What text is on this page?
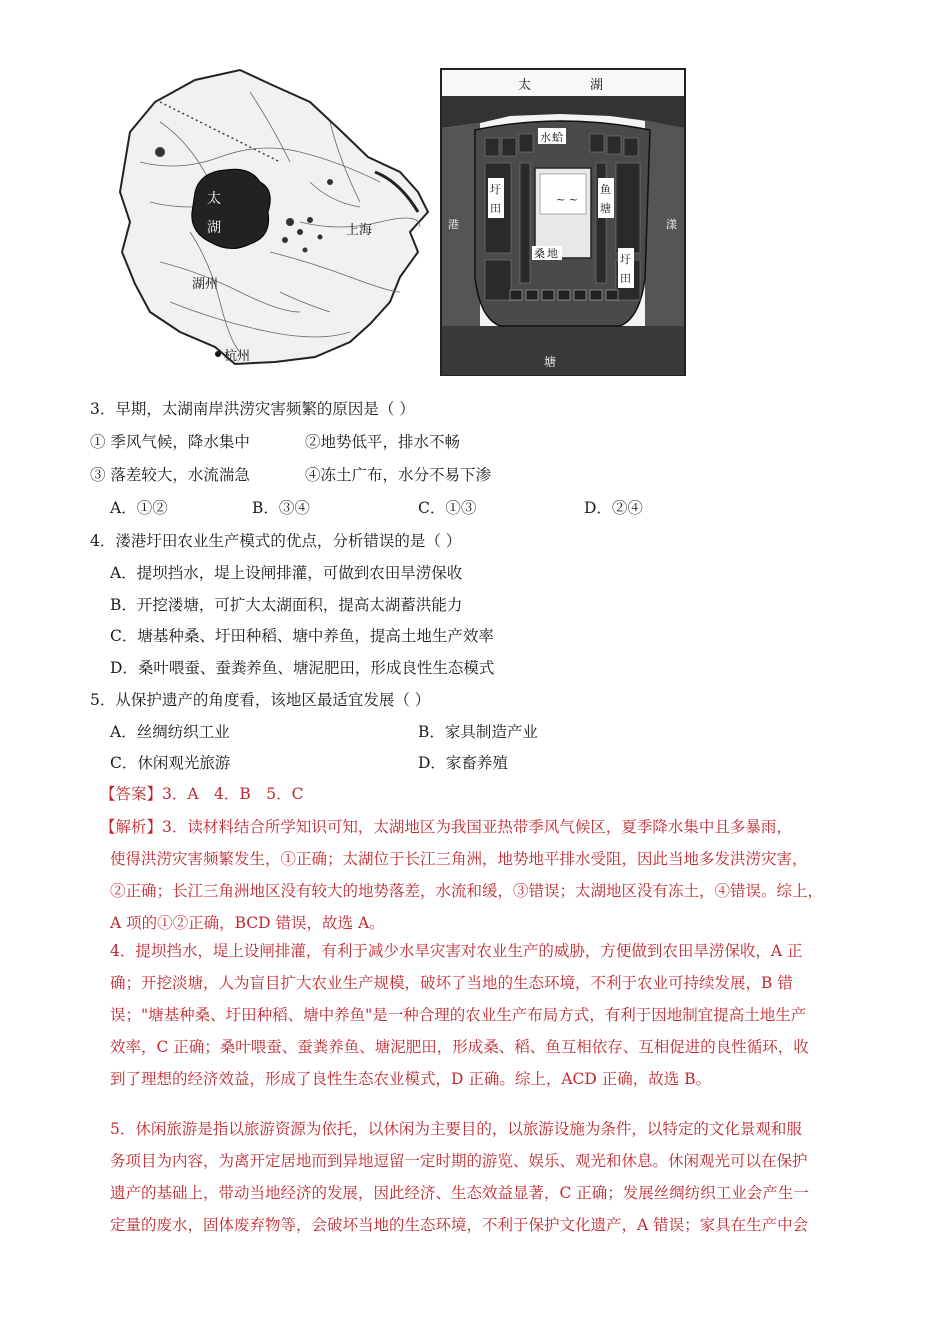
太
湖	上海
湖州
杭州
太	湖
~ ~
水 蛤
圩
田
鱼
塘
港	漾
圩
田
桑 地
塘
3．早期，太湖南岸洪涝灾害频繁的原因是（ ）
① 季风气候，降水集中	②地势低平，排水不畅
③ 落差较大，水流湍急	④冻土广布，水分不易下渗
A．①②	B．③④	C．①③	D．②④
4．溇港圩田农业生产模式的优点，分析错误的是（ ）
A．提坝挡水，堤上设闸排灌，可做到农田旱涝保收
B．开挖溇塘，可扩大太湖面积，提高太湖蓄洪能力
C．塘基种桑、圩田种稻、塘中养鱼，提高土地生产效率
D．桑叶喂蚕、蚕粪养鱼、塘泥肥田，形成良性生态模式
5．从保护遗产的角度看，该地区最适宜发展（ ）
A．丝绸纺织工业	B．家具制造产业
C．休闲观光旅游	D．家畜养殖
【答案】3．A　4．B　5．C

【解析】3．读材料结合所学知识可知，太湖地区为我国亚热带季风气候区，夏季降水集中且多暴雨，

使得洪涝灾害频繁发生，①正确；太湖位于长江三角洲，地势地平排水受阻，因此当地多发洪涝灾害，

②正确；长江三角洲地区没有较大的地势落差，水流和缓，③错误；太湖地区没有冻土，④错误。综上，

A 项的①②正确，BCD 错误，故选 A。

4．提坝挡水，堤上设闸排灌，有利于减少水旱灾害对农业生产的威胁，方便做到农田旱涝保收，A 正

确；开挖淡塘，人为盲目扩大农业生产规模，破坏了当地的生态环境，不利于农业可持续发展，B 错

误；"塘基种桑、圩田种稻、塘中养鱼"是一种合理的农业生产布局方式，有利于因地制宜提高土地生产

效率，C 正确；桑叶喂蚕、蚕粪养鱼、塘泥肥田，形成桑、稻、鱼互相依存、互相促进的良性循环，收

到了理想的经济效益，形成了良性生态农业模式，D 正确。综上，ACD 正确，故选 B。

5．休闲旅游是指以旅游资源为依托，以休闲为主要目的，以旅游设施为条件，以特定的文化景观和服

务项目为内容，为离开定居地而到异地逗留一定时期的游览、娱乐、观光和休息。休闲观光可以在保护

遗产的基础上，带动当地经济的发展，因此经济、生态效益显著，C 正确；发展丝绸纺织工业会产生一

定量的废水，固体废弃物等，会破坏当地的生态环境，不利于保护文化遗产，A 错误；家具在生产中会
